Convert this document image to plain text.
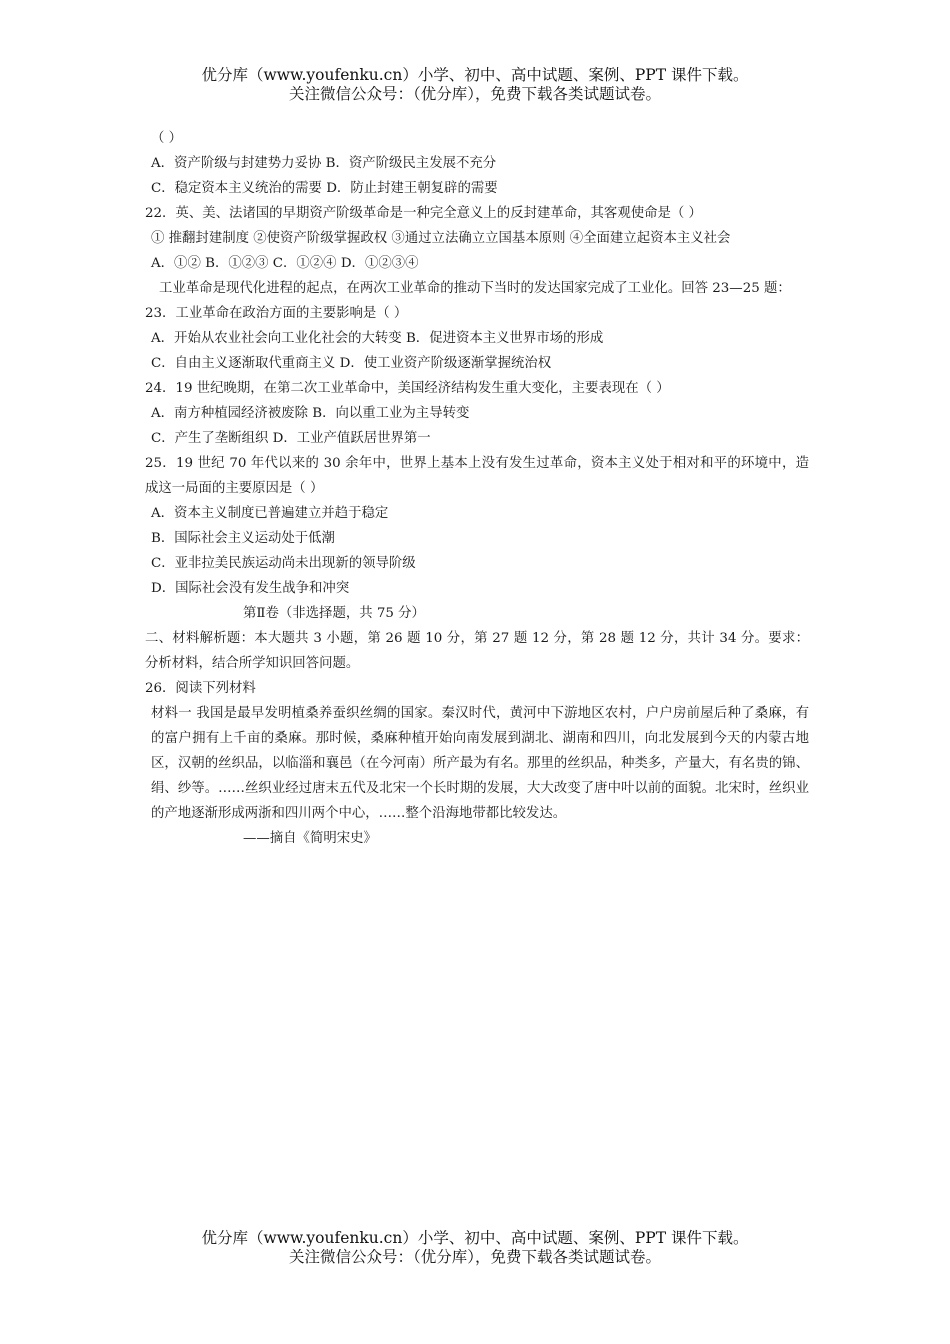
优分库（www.youfenku.cn）小学、初中、高中试题、案例、PPT 课件下载。
关注微信公众号：（优分库），免费下载各类试题试卷。
（ ）
A．资产阶级与封建势力妥协 B．资产阶级民主发展不充分
C．稳定资本主义统治的需要 D．防止封建王朝复辟的需要
22．英、美、法诸国的早期资产阶级革命是一种完全意义上的反封建革命，其客观使命是（ ）
① 推翻封建制度 ②使资产阶级掌握政权 ③通过立法确立立国基本原则 ④全面建立起资本主义社会
A．①② B．①②③ C．①②④ D．①②③④
工业革命是现代化进程的起点，在两次工业革命的推动下当时的发达国家完成了工业化。回答 23—25 题：
23．工业革命在政治方面的主要影响是（ ）
A．开始从农业社会向工业化社会的大转变 B．促进资本主义世界市场的形成
C．自由主义逐渐取代重商主义 D．使工业资产阶级逐渐掌握统治权
24．19 世纪晚期，在第二次工业革命中，美国经济结构发生重大变化，主要表现在（ ）
A．南方种植园经济被废除 B．向以重工业为主导转变
C．产生了垄断组织 D．工业产值跃居世界第一
25．19 世纪 70 年代以来的 30 余年中，世界上基本上没有发生过革命，资本主义处于相对和平的环境中，造成这一局面的主要原因是（ ）
A．资本主义制度已普遍建立并趋于稳定
B．国际社会主义运动处于低潮
C．亚非拉美民族运动尚未出现新的领导阶级
D．国际社会没有发生战争和冲突
第Ⅱ卷（非选择题，共 75 分）
二、材料解析题：本大题共 3 小题，第 26 题 10 分，第 27 题 12 分，第 28 题 12 分，共计 34 分。要求：分析材料，结合所学知识回答问题。
26．阅读下列材料
材料一 我国是最早发明植桑养蚕织丝绸的国家。秦汉时代，黄河中下游地区农村，户户房前屋后种了桑麻，有的富户拥有上千亩的桑麻。那时候，桑麻种植开始向南发展到湖北、湖南和四川，向北发展到今天的内蒙古地区，汉朝的丝织品，以临淄和襄邑（在今河南）所产最为有名。那里的丝织品，种类多，产量大，有名贵的锦、绢、纱等。……丝织业经过唐末五代及北宋一个长时期的发展，大大改变了唐中叶以前的面貌。北宋时，丝织业的产地逐渐形成两浙和四川两个中心，……整个沿海地带都比较发达。
——摘自《简明宋史》
优分库（www.youfenku.cn）小学、初中、高中试题、案例、PPT 课件下载。
关注微信公众号：（优分库），免费下载各类试题试卷。
